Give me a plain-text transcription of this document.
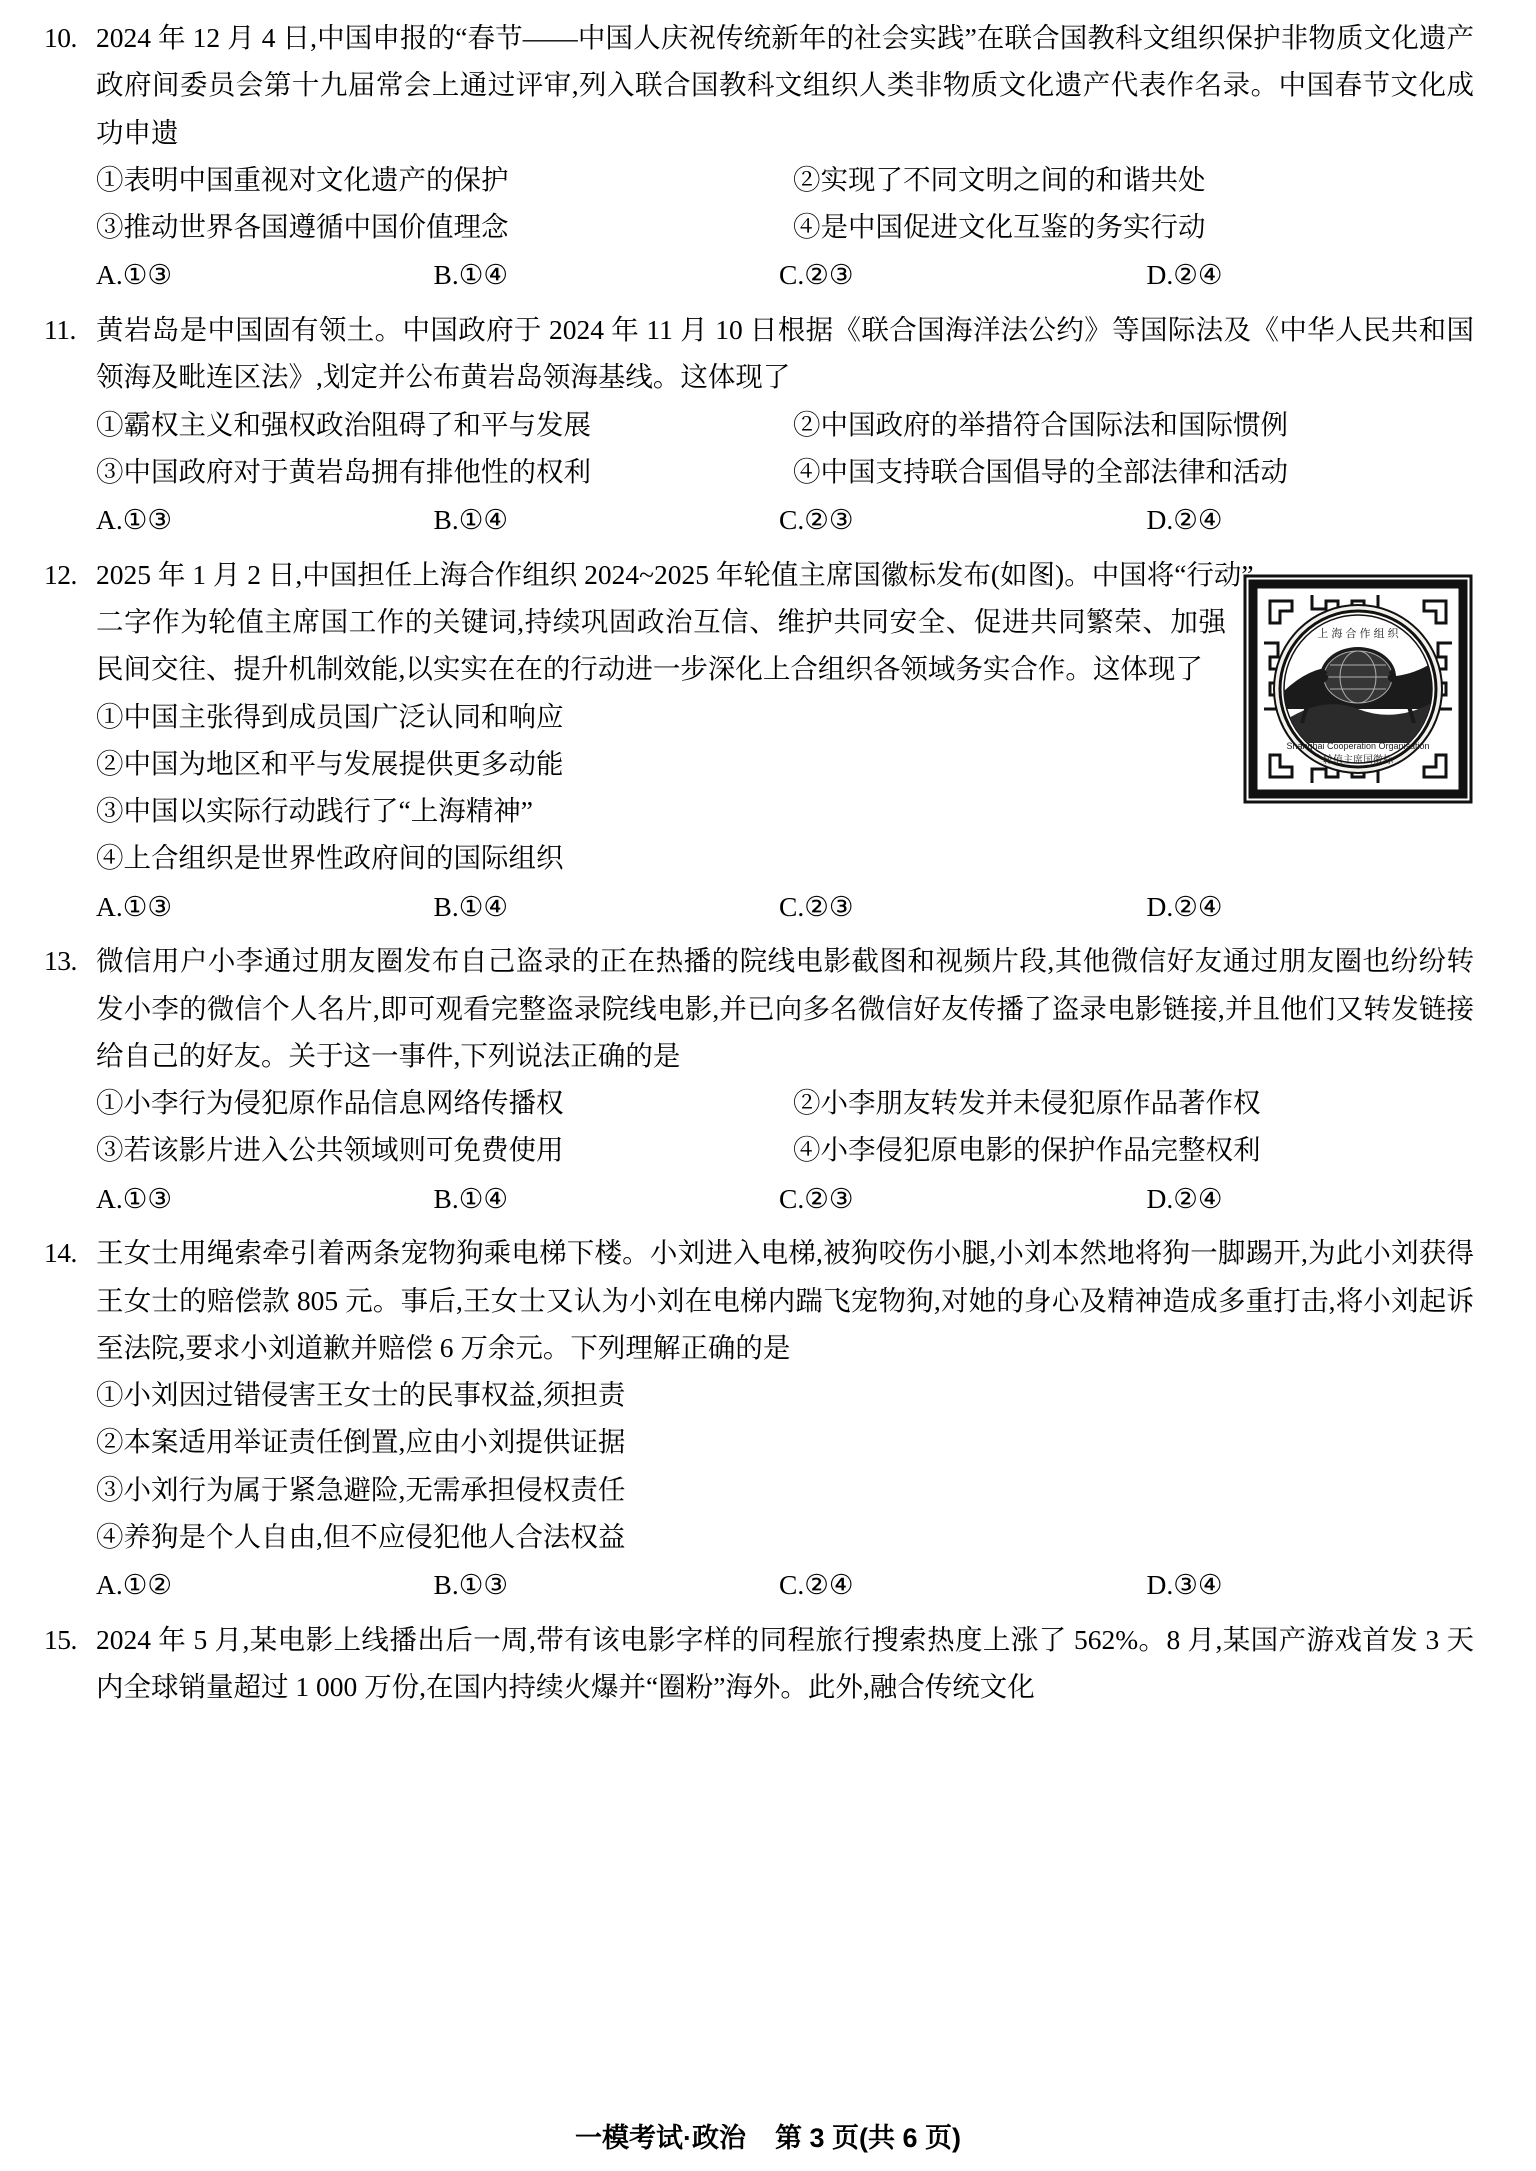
10. 2024 年 12 月 4 日,中国申报的“春节——中国人庆祝传统新年的社会实践”在联合国教科文组织保护非物质文化遗产政府间委员会第十九届常会上通过评审,列入联合国教科文组织人类非物质文化遗产代表作名录。中国春节文化成功申遗
①表明中国重视对文化遗产的保护	②实现了不同文明之间的和谐共处
③推动世界各国遵循中国价值理念	④是中国促进文化互鉴的务实行动
A.①③	B.①④	C.②③	D.②④
11. 黄岩岛是中国固有领土。中国政府于 2024 年 11 月 10 日根据《联合国海洋法公约》等国际法及《中华人民共和国领海及毗连区法》,划定并公布黄岩岛领海基线。这体现了
①霸权主义和强权政治阻碍了和平与发展	②中国政府的举措符合国际法和国际惯例
③中国政府对于黄岩岛拥有排他性的权利	④中国支持联合国倡导的全部法律和活动
A.①③	B.①④	C.②③	D.②④
上 海 合 作 组 织
Shanghai Cooperation Organisation
轮值主席国徽标
12. 2025 年 1 月 2 日,中国担任上海合作组织 2024~2025 年轮值主席国徽标发布(如图)。中国将“行动”
二字作为轮值主席国工作的关键词,持续巩固政治互信、维护共同安全、促进共同繁荣、加强民间交往、提升机制效能,以实实在在的行动进一步深化上合组织各领域务实合作。这体现了
①中国主张得到成员国广泛认同和响应
②中国为地区和平与发展提供更多动能
③中国以实际行动践行了“上海精神”
④上合组织是世界性政府间的国际组织
A.①③	B.①④	C.②③	D.②④
13. 微信用户小李通过朋友圈发布自己盗录的正在热播的院线电影截图和视频片段,其他微信好友通过朋友圈也纷纷转发小李的微信个人名片,即可观看完整盗录院线电影,并已向多名微信好友传播了盗录电影链接,并且他们又转发链接给自己的好友。关于这一事件,下列说法正确的是
①小李行为侵犯原作品信息网络传播权	②小李朋友转发并未侵犯原作品著作权
③若该影片进入公共领域则可免费使用	④小李侵犯原电影的保护作品完整权利
A.①③	B.①④	C.②③	D.②④
14. 王女士用绳索牵引着两条宠物狗乘电梯下楼。小刘进入电梯,被狗咬伤小腿,小刘本然地将狗一脚踢开,为此小刘获得王女士的赔偿款 805 元。事后,王女士又认为小刘在电梯内踹飞宠物狗,对她的身心及精神造成多重打击,将小刘起诉至法院,要求小刘道歉并赔偿 6 万余元。下列理解正确的是
①小刘因过错侵害王女士的民事权益,须担责
②本案适用举证责任倒置,应由小刘提供证据
③小刘行为属于紧急避险,无需承担侵权责任
④养狗是个人自由,但不应侵犯他人合法权益
A.①②	B.①③	C.②④	D.③④
15. 2024 年 5 月,某电影上线播出后一周,带有该电影字样的同程旅行搜索热度上涨了 562%。8 月,某国产游戏首发 3 天内全球销量超过 1 000 万份,在国内持续火爆并“圈粉”海外。此外,融合传统文化
一模考试·政治 第 3 页(共 6 页)
